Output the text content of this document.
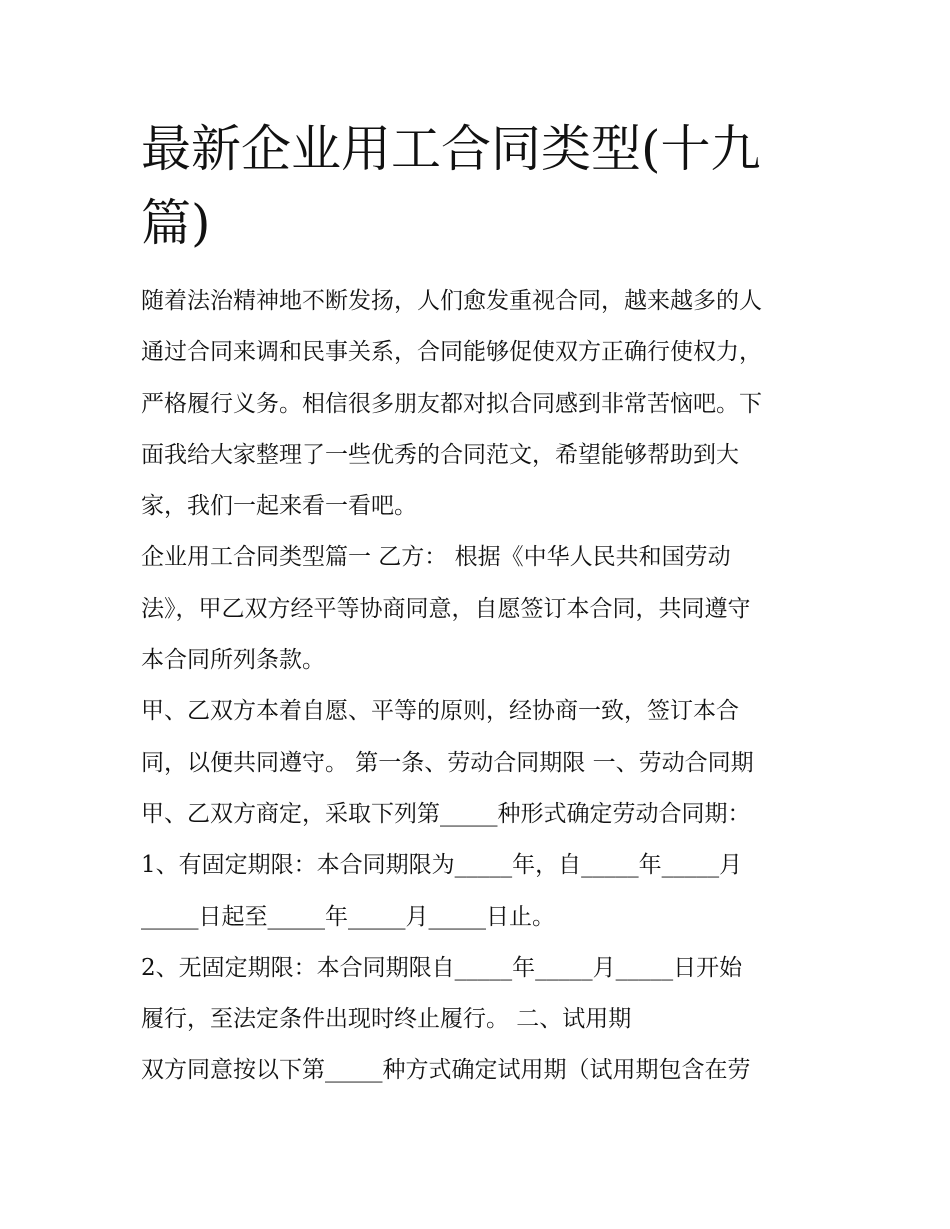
最新企业用工合同类型(十九
篇)
随着法治精神地不断发扬，人们愈发重视合同，越来越多的人
通过合同来调和民事关系，合同能够促使双方正确行使权力，
严格履行义务。相信很多朋友都对拟合同感到非常苦恼吧。下
面我给大家整理了一些优秀的合同范文，希望能够帮助到大
家，我们一起来看一看吧。
企业用工合同类型篇一 乙方： 根据《中华人民共和国劳动
法》，甲乙双方经平等协商同意，自愿签订本合同，共同遵守
本合同所列条款。
甲、乙双方本着自愿、平等的原则，经协商一致，签订本合
同，以便共同遵守。 第一条、劳动合同期限 一、劳动合同期
甲、乙双方商定，采取下列第_____种形式确定劳动合同期：
1、有固定期限：本合同期限为_____年，自_____年_____月
_____日起至_____年_____月_____日止。
2、无固定期限：本合同期限自_____年_____月_____日开始
履行，至法定条件出现时终止履行。 二、试用期
双方同意按以下第_____种方式确定试用期（试用期包含在劳
